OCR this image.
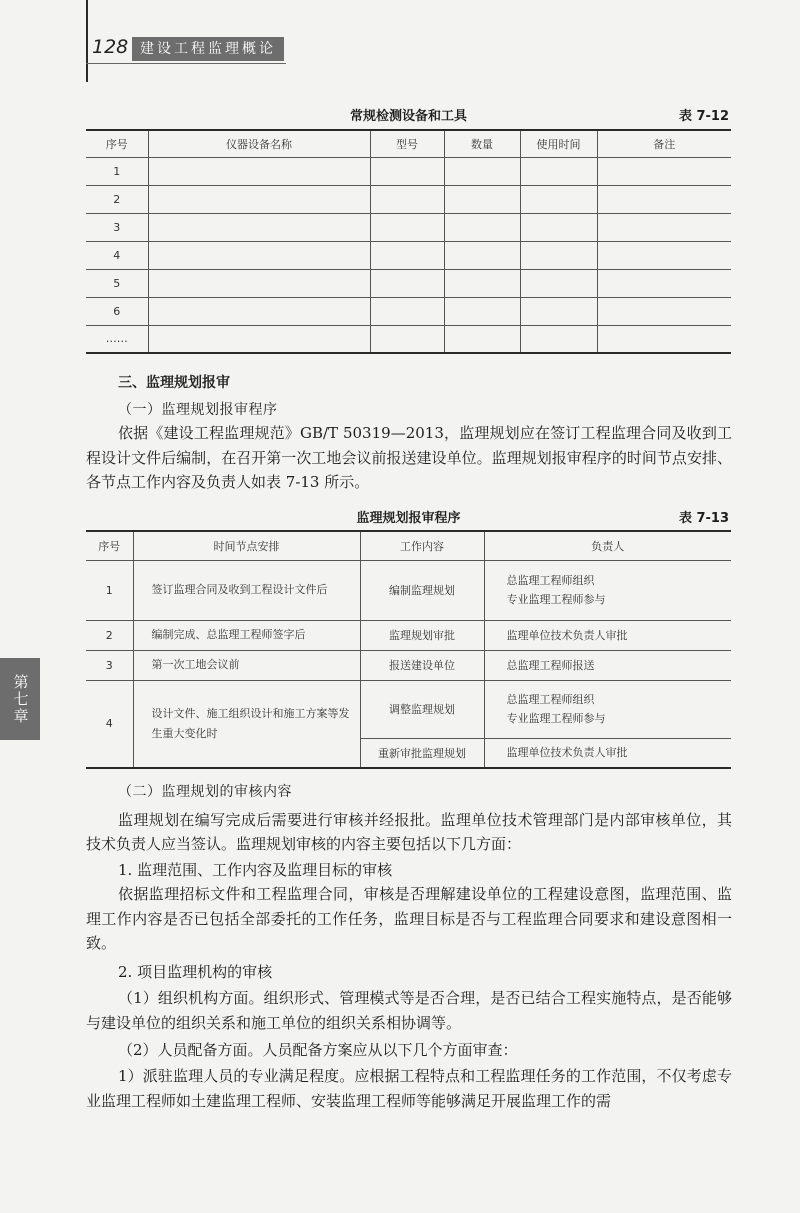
128 建设工程监理概论
第七章
常规检测设备和工具	表 7-12
序号	仪器设备名称	型号	数量	使用时间	备注
1					
2					
3					
4					
5					
6					
……					
三、监理规划报审
（一）监理规划报审程序

依据《建设工程监理规范》GB/T 50319—2013，监理规划应在签订工程监理合同及收到工程设计文件后编制，在召开第一次工地会议前报送建设单位。监理规划报审程序的时间节点安排、各节点工作内容及负责人如表 7-13 所示。

监理规划报审程序	表 7-13
序号	时间节点安排	工作内容	负责人
1	签订监理合同及收到工程设计文件后	编制监理规划	总监理工程师组织
专业监理工程师参与

2	编制完成、总监理工程师签字后	监理规划审批	监理单位技术负责人审批
3	第一次工地会议前	报送建设单位	总监理工程师报送
4	设计文件、施工组织设计和施工方案等发生重大变化时	调整监理规划	总监理工程师组织
专业监理工程师参与

		重新审批监理规划	监理单位技术负责人审批
（二）监理规划的审核内容

监理规划在编写完成后需要进行审核并经报批。监理单位技术管理部门是内部审核单位，其技术负责人应当签认。监理规划审核的内容主要包括以下几方面：

1. 监理范围、工作内容及监理目标的审核

依据监理招标文件和工程监理合同，审核是否理解建设单位的工程建设意图，监理范围、监理工作内容是否已包括全部委托的工作任务，监理目标是否与工程监理合同要求和建设意图相一致。

2. 项目监理机构的审核

（1）组织机构方面。组织形式、管理模式等是否合理，是否已结合工程实施特点，是否能够与建设单位的组织关系和施工单位的组织关系相协调等。

（2）人员配备方面。人员配备方案应从以下几个方面审查：

1）派驻监理人员的专业满足程度。应根据工程特点和工程监理任务的工作范围，不仅考虑专业监理工程师如土建监理工程师、安装监理工程师等能够满足开展监理工作的需
